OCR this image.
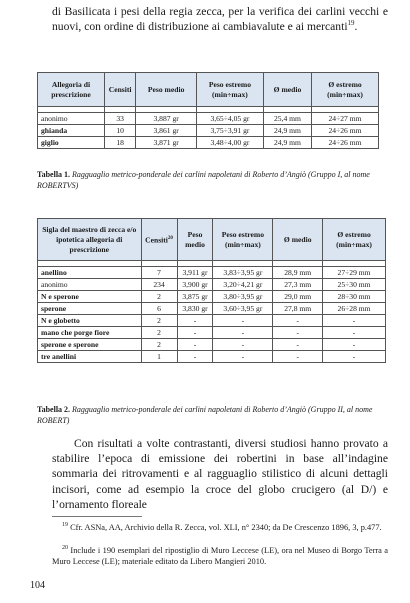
di Basilicata i pesi della regia zecca, per la verifica dei carlini vecchi e nuovi, con ordine di distribuzione ai cambiavalute e ai mercanti$^{19}$.

Allegoria di prescrizione	Censiti	Peso medio	Peso estremo (min÷max)	Ø medio	Ø estremo (min÷max)

anonimo	33	3,887 gr	3,65÷4,05 gr	25,4 mm	24÷27 mm
ghianda	10	3,861 gr	3,75÷3,91 gr	24,9 mm	24÷26 mm
giglio	18	3,871 gr	3,48÷4,00 gr	24,9 mm	24÷26 mm

Tabella 1. Ragguaglio metrico-ponderale dei carlini napoletani di Roberto d’Angiò (Gruppo I, al nome ROBERTVS)

Sigla del maestro di zecca e/o ipotetica allegoria di prescrizione	Censiti$^{20}$	Peso medio	Peso estremo (min÷max)	Ø medio	Ø estremo (min÷max)

anellino	7	3,911 gr	3,83÷3,95 gr	28,9 mm	27÷29 mm
anonimo	234	3,900 gr	3,20÷4,21 gr	27,3 mm	25÷30 mm
N e sperone	2	3,875 gr	3,80÷3,95 gr	29,0 mm	28÷30 mm
sperone	6	3,830 gr	3,60÷3,95 gr	27,8 mm	26÷28 mm
N e globetto	2	-	-	-	-
mano che porge fiore	2	-	-	-	-
sperone e sperone	2	-	-	-	-
tre anellini	1	-	-	-	-

Tabella 2. Ragguaglio metrico-ponderale dei carlini napoletani di Roberto d’Angiò (Gruppo II, al nome ROBERT)

Con risultati a volte contrastanti, diversi studiosi hanno provato a stabilire l’epoca di emissione dei robertini in base all’indagine sommaria dei ritrovamenti e al ragguaglio stilistico di alcuni dettagli incisori, come ad esempio la croce del globo crucigero (al D/) e l’ornamento floreale

$^{19}$ Cfr. ASNa, AA, Archivio della R. Zecca, vol. XLI, n° 2340; da De Crescenzo 1896, 3, p.477.

$^{20}$ Include i 190 esemplari del ripostiglio di Muro Leccese (LE), ora nel Museo di Borgo Terra a Muro Leccese (LE); materiale editato da Libero Mangieri 2010.

104
